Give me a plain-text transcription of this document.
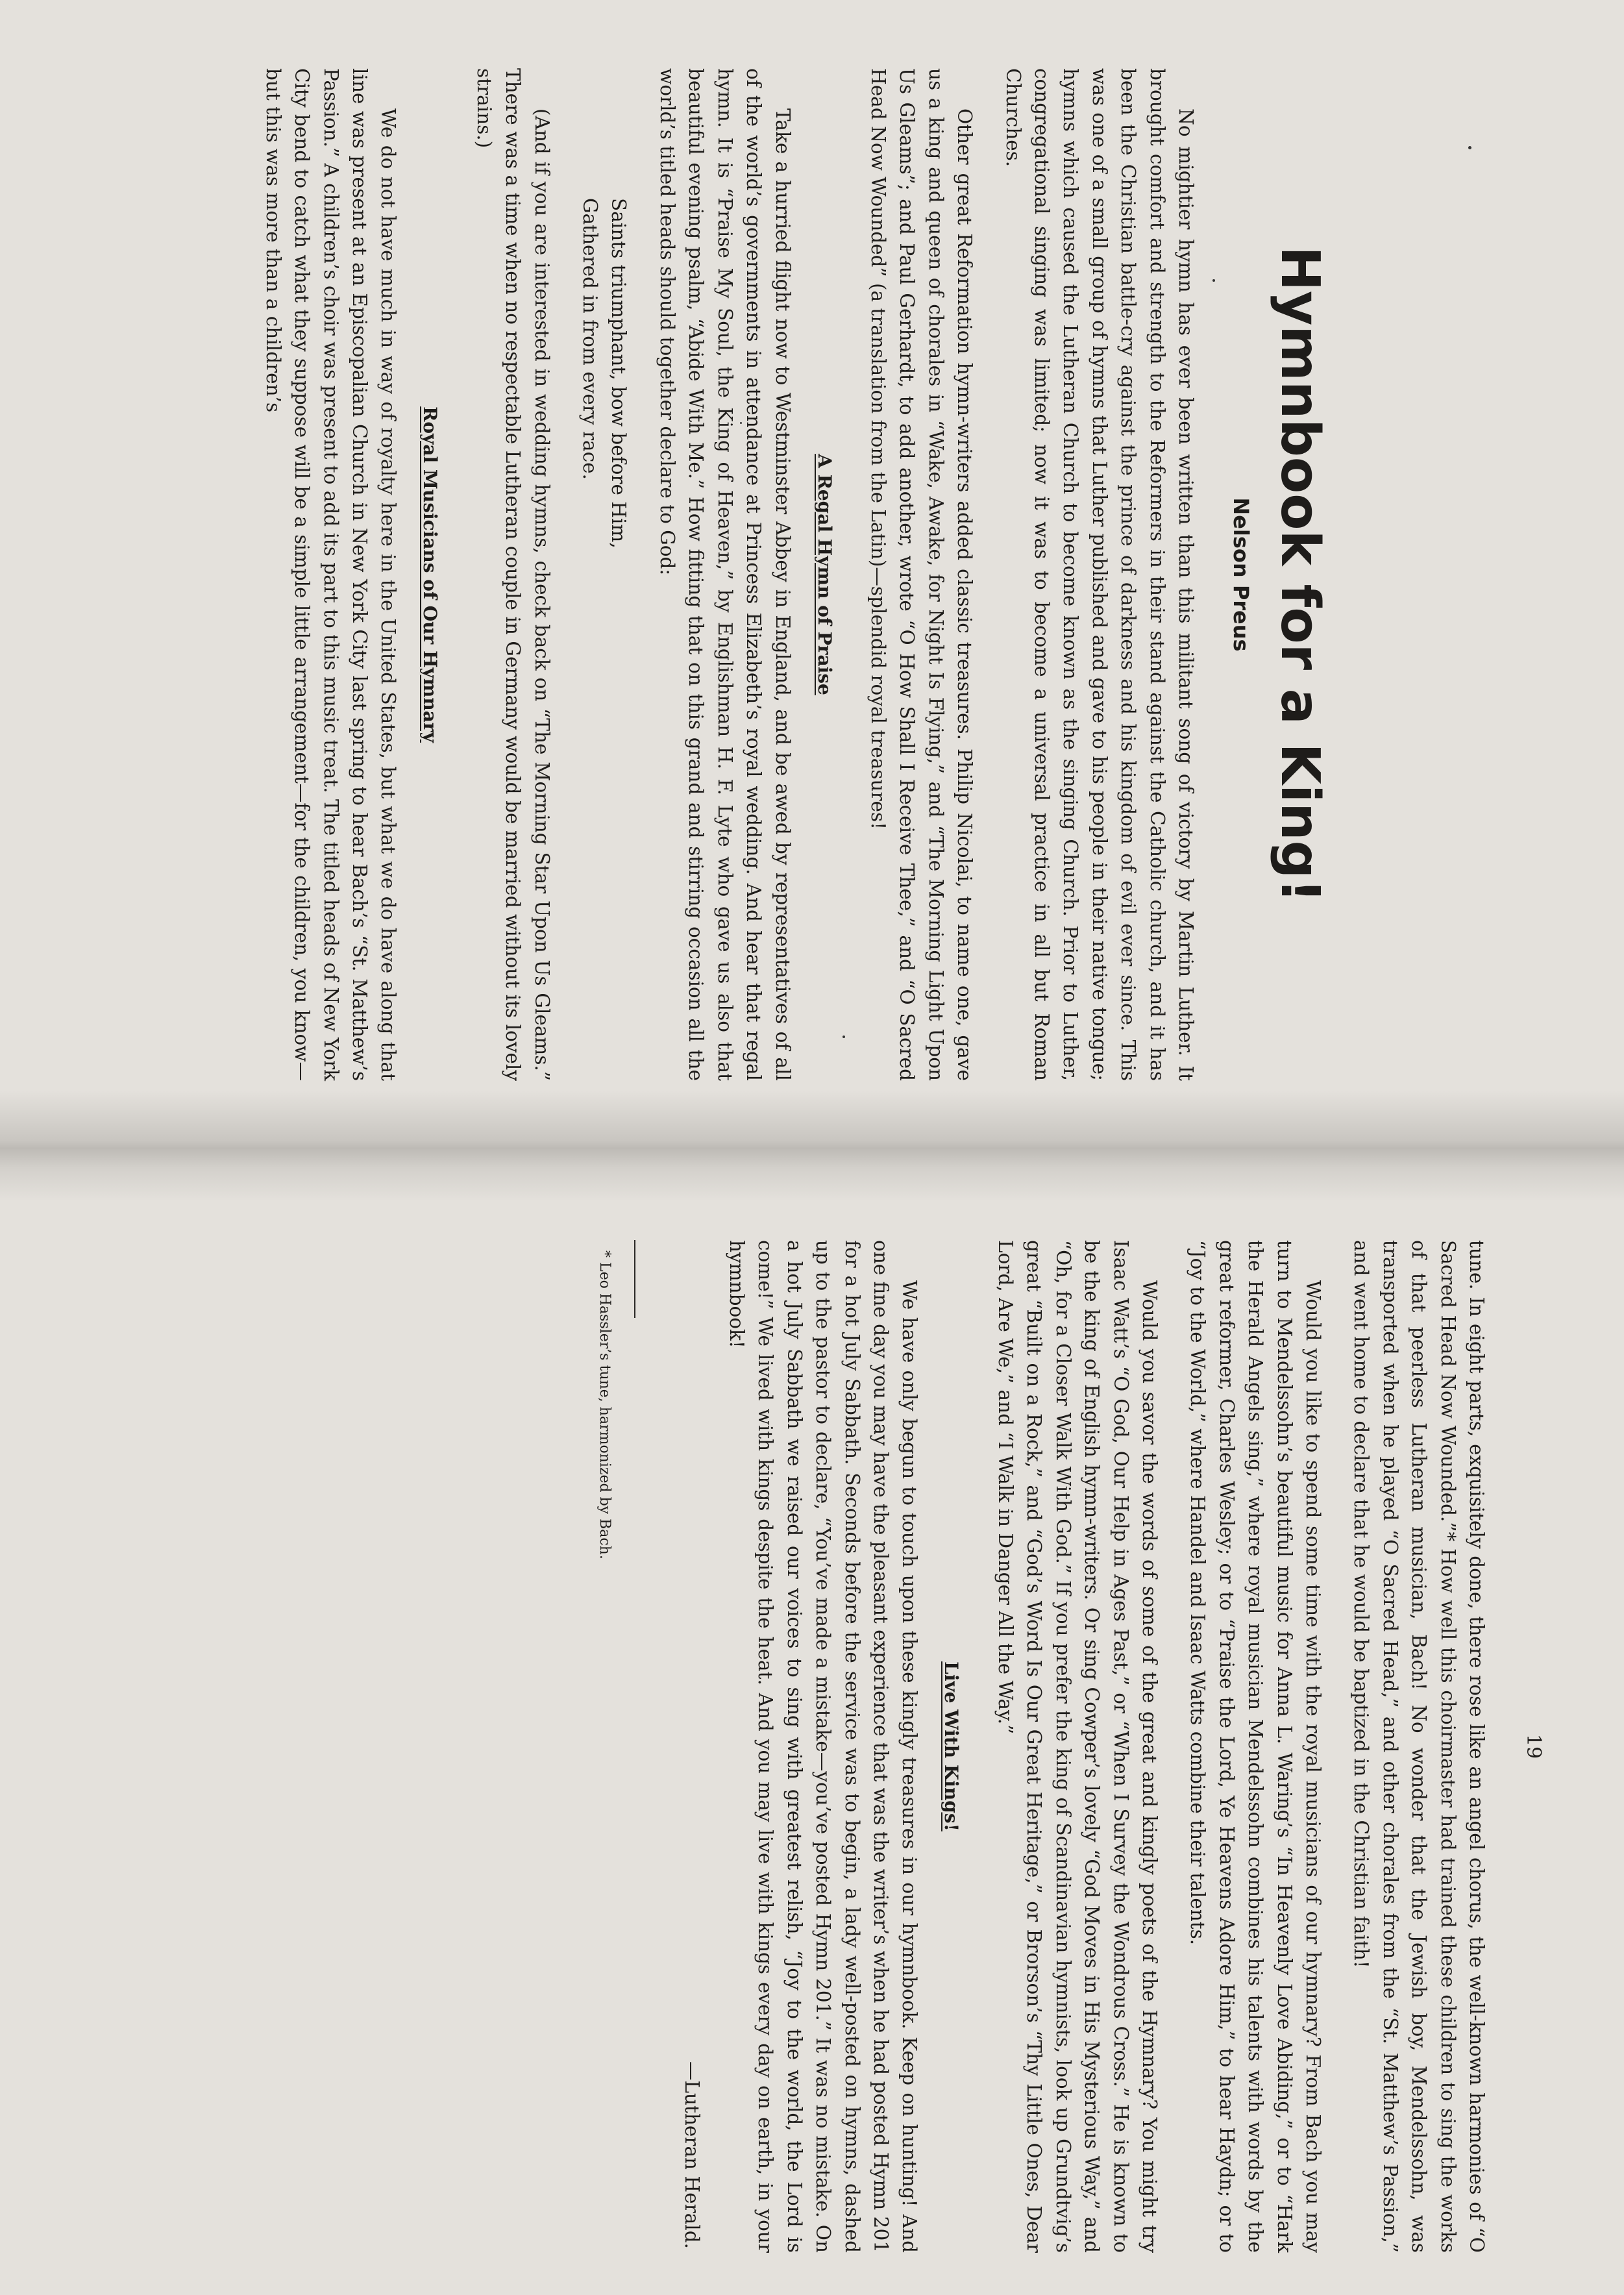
Hymnbook for a King!
Nelson Preus

No mightier hymn has ever been written than this militant song of victory by Martin Luther. It brought comfort and strength to the Reformers in their stand against the Catholic church, and it has been the Christian battle-cry against the prince of darkness and his kingdom of evil ever since. This was one of a small group of hymns that Luther published and gave to his people in their native tongue; hymns which caused the Lutheran Church to become known as the singing Church. Prior to Luther, congregational singing was limited; now it was to become a universal practice in all but Roman Churches.

Other great Reformation hymn-writers added classic treasures. Philip Nicolai, to name one, gave us a king and queen of chorales in “Wake, Awake, for Night Is Flying,” and “The Morning Light Upon Us Gleams”; and Paul Gerhardt, to add another, wrote “O How Shall I Receive Thee,” and “O Sacred Head Now Wounded” (a translation from the Latin)—splendid royal treasures!

A Regal Hymn of Praise

Take a hurried flight now to Westminster Abbey in England, and be awed by representatives of all of the world’s governments in attendance at Princess Elizabeth’s royal wedding. And hear that regal hymn. It is “Praise My Soul, the King of Heaven,” by Englishman H. F. Lyte who gave us also that beautiful evening psalm, “Abide With Me.” How fitting that on this grand and stirring occasion all the world’s titled heads should together declare to God:

Saints triumphant, bow before Him,
Gathered in from every race.

(And if you are interested in wedding hymns, check back on “The Morning Star Upon Us Gleams.” There was a time when no respectable Lutheran couple in Germany would be married without its lovely strains.)

Royal Musicians of Our Hymnary

We do not have much in way of royalty here in the United States, but what we do have along that line was present at an Episcopalian Church in New York City last spring to hear Bach’s “St. Matthew’s Passion.” A children’s choir was present to add its part to this music treat. The titled heads of New York City bend to catch what they suppose will be a simple little arrangement—for the children, you know—but this was more than a children’s

19

tune. In eight parts, exquisitely done, there rose like an angel chorus, the well-known harmonies of “O Sacred Head Now Wounded.”* How well this choirmaster had trained these children to sing the works of that peerless Lutheran musician, Bach! No wonder that the Jewish boy, Mendelssohn, was transported when he played “O Sacred Head,” and other chorales from the “St. Matthew’s Passion,” and went home to declare that he would be baptized in the Christian faith!

Would you like to spend some time with the royal musicians of our hymnary? From Bach you may turn to Mendelssohn’s beautiful music for Anna L. Waring’s “In Heavenly Love Abiding,” or to “Hark the Herald Angels sing,” where royal musician Mendelssohn combines his talents with words by the great reformer, Charles Wesley; or to “Praise the Lord, Ye Heavens Adore Him,” to hear Haydn; or to “Joy to the World,” where Handel and Isaac Watts combine their talents.

Would you savor the words of some of the great and kingly poets of the Hymnary? You might try Isaac Watt’s “O God, Our Help in Ages Past,” or “When I Survey the Wondrous Cross.” He is known to be the king of English hymn-writers. Or sing Cowper’s lovely “God Moves in His Mysterious Way,” and “Oh, for a Closer Walk With God.” If you prefer the king of Scandinavian hymnists, look up Grundtvig’s great “Built on a Rock,” and “God’s Word Is Our Great Heritage,” or Brorson’s “Thy Little Ones, Dear Lord, Are We,” and “I Walk in Danger All the Way.”

Live With Kings!

We have only begun to touch upon these kingly treasures in our hymnbook. Keep on hunting! And one fine day you may have the pleasant experience that was the writer’s when he had posted Hymn 201 for a hot July Sabbath. Seconds before the service was to begin, a lady well-posted on hymns, dashed up to the pastor to declare, “You’ve made a mistake—you’ve posted Hymn 201.” It was no mistake. On a hot July Sabbath we raised our voices to sing with greatest relish, “Joy to the world, the Lord is come!” We lived with kings despite the heat. And you may live with kings every day on earth, in your hymnbook!

—Lutheran Herald.
* Leo Hassler’s tune, harmonized by Bach.
